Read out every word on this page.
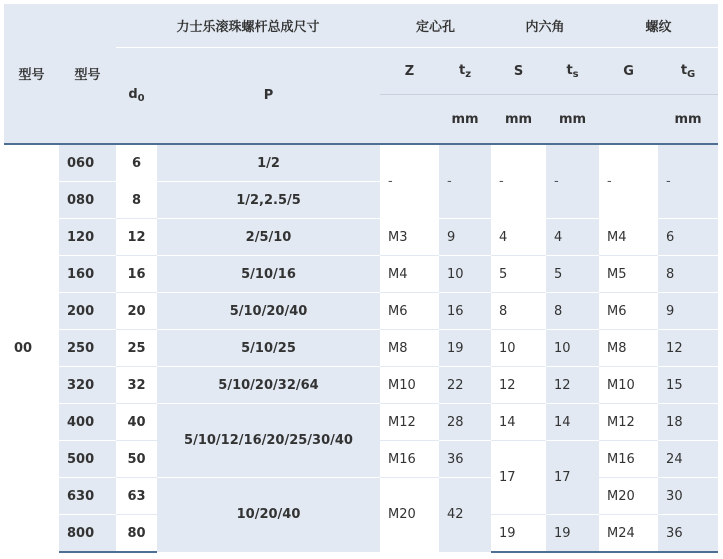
型号	型号	力士乐滚珠螺杆总成尺寸		定心孔		内六角		螺纹	
		$d_0$	P	Z	$t_z$	S	$t_s$	G	$t_G$
					mm	mm	mm		mm
00	060	6	1/2	-	-	-	-	-	-
	080	8	1/2,2.5/5						
	120	12	2/5/10	M3	9	4	4	M4	6
	160	16	5/10/16	M4	10	5	5	M5	8
	200	20	5/10/20/40	M6	16	8	8	M6	9
	250	25	5/10/25	M8	19	10	10	M8	12
	320	32	5/10/20/32/64	M10	22	12	12	M10	15
	400	40	5/10/12/16/20/25/30/40	M12	28	14	14	M12	18
	500	50		M16	36	17	17	M16	24
	630	63	10/20/40	M20	42			M20	30
	800	80				19	19	M24	36
